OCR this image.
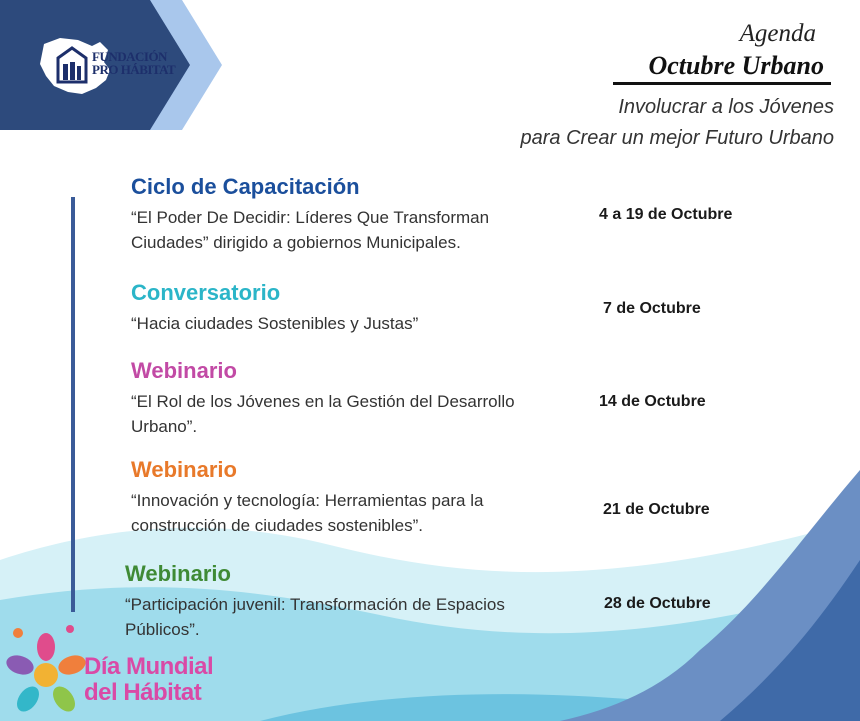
FUNDACIÓN
PRO HÁBITAT
Agenda
Octubre Urbano
Involucrar a los Jóvenes
para Crear un mejor Futuro Urbano
Ciclo de Capacitación
“El Poder De Decidir: Líderes Que Transforman
Ciudades” dirigido a gobiernos Municipales.
4 a 19 de Octubre
Conversatorio
“Hacia ciudades Sostenibles y Justas”
7 de Octubre
Webinario
“El Rol de los Jóvenes en la Gestión del Desarrollo
Urbano”.
14 de Octubre
Webinario
“Innovación y tecnología: Herramientas para la
construcción de ciudades sostenibles”.
21 de Octubre
Webinario
“Participación juvenil: Transformación de Espacios
Públicos”.
28 de Octubre
Día Mundial
del Hábitat
